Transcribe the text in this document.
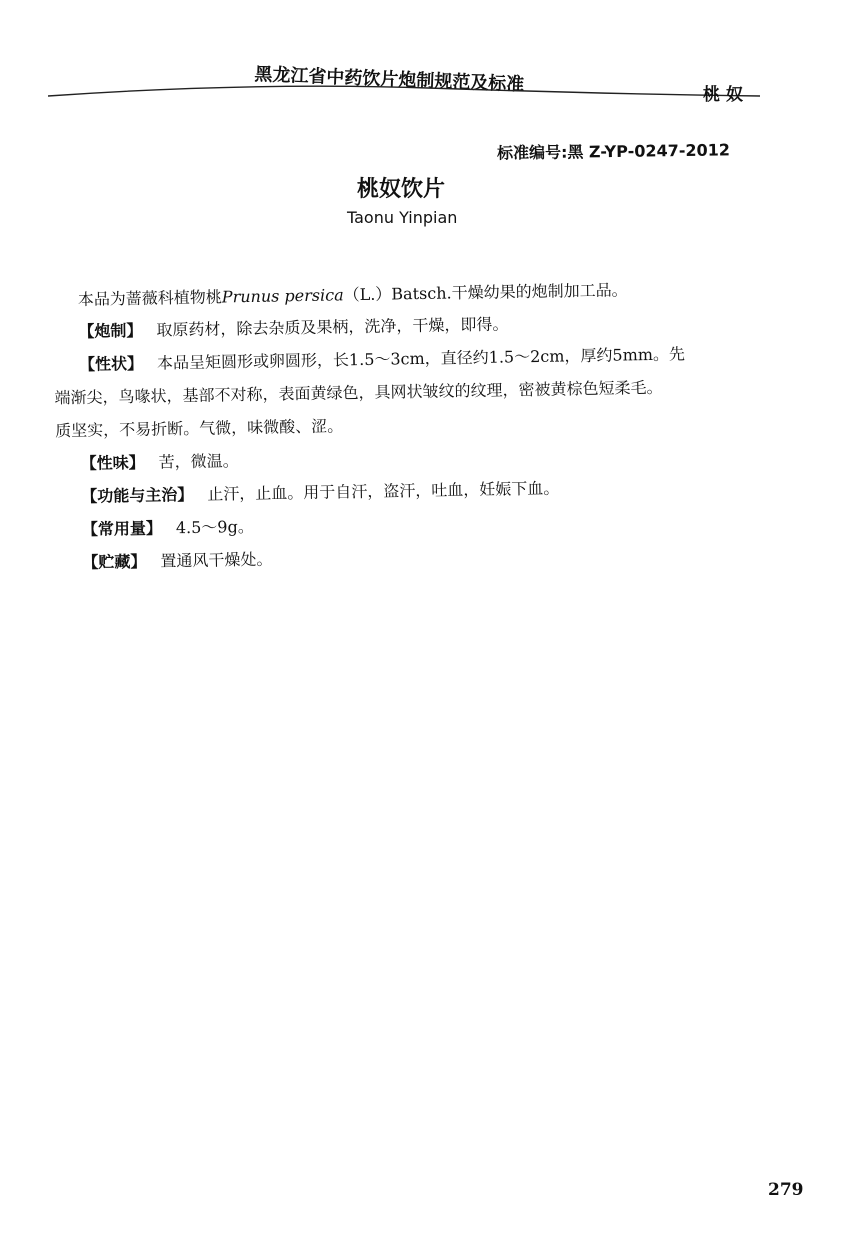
黑龙江省中药饮片炮制规范及标准	桃奴
标准编号:黑 Z-YP-0247-2012
桃奴饮片
Taonu Yinpian
本品为蔷薇科植物桃Prunus persica（L.）Batsch.干燥幼果的炮制加工品。
【炮制】 取原药材，除去杂质及果柄，洗净，干燥，即得。
【性状】 本品呈矩圆形或卵圆形，长1.5～3cm，直径约1.5～2cm，厚约5mm。先
端渐尖，鸟喙状，基部不对称，表面黄绿色，具网状皱纹的纹理，密被黄棕色短柔毛。
质坚实，不易折断。气微，味微酸、涩。
【性味】 苦，微温。
【功能与主治】 止汗，止血。用于自汗，盗汗，吐血，妊娠下血。
【常用量】 4.5～9g。
【贮藏】 置通风干燥处。
279
